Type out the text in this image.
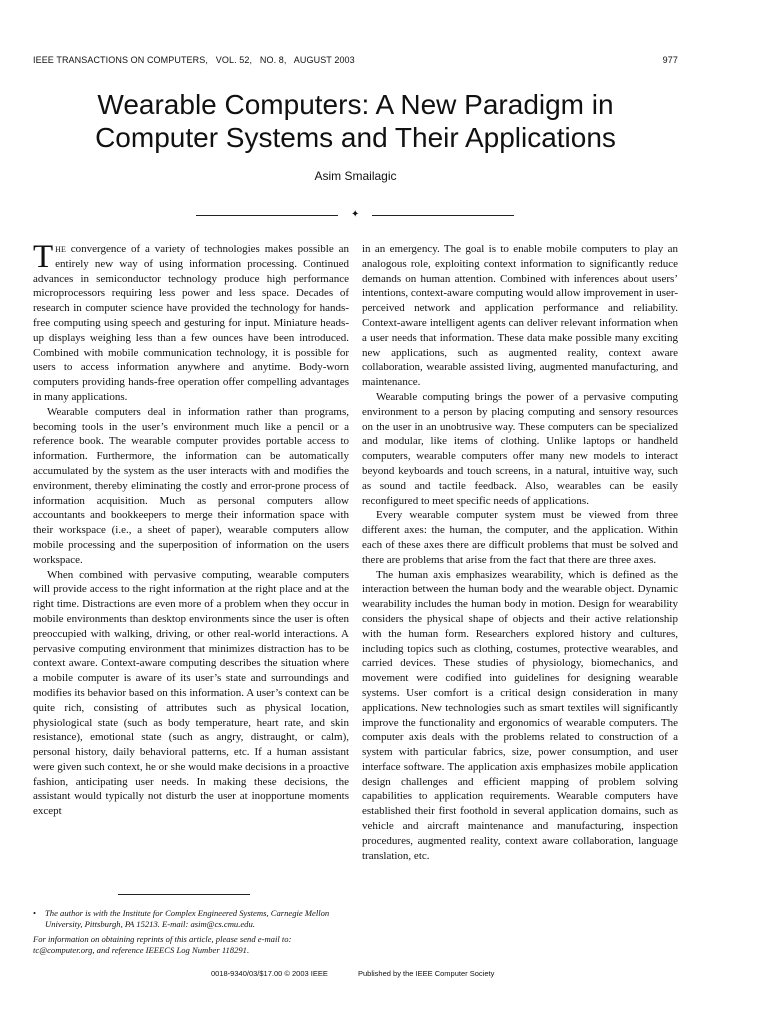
IEEE TRANSACTIONS ON COMPUTERS,   VOL. 52,   NO. 8,   AUGUST 2003	977
Wearable Computers: A New Paradigm in
Computer Systems and Their Applications
Asim Smailagic
✦

The convergence of a variety of technologies makes possible an entirely new way of using information processing. Continued advances in semiconductor technology produce high performance microprocessors requiring less power and less space. Decades of research in computer science have provided the technology for hands-free computing using speech and gesturing for input. Miniature heads-up displays weighing less than a few ounces have been introduced. Combined with mobile communication technology, it is possible for users to access information anywhere and anytime. Body-worn computers providing hands-free operation offer compelling advantages in many applications.

Wearable computers deal in information rather than programs, becoming tools in the user’s environment much like a pencil or a reference book. The wearable computer provides portable access to information. Furthermore, the information can be automatically accumulated by the system as the user interacts with and modifies the environment, thereby eliminating the costly and error-prone process of information acquisition. Much as personal computers allow accountants and bookkeepers to merge their information space with their workspace (i.e., a sheet of paper), wearable computers allow mobile processing and the superposition of information on the users workspace.

When combined with pervasive computing, wearable computers will provide access to the right information at the right place and at the right time. Distractions are even more of a problem when they occur in mobile environments than desktop environments since the user is often preoccupied with walking, driving, or other real-world interactions. A pervasive computing environment that minimizes distraction has to be context aware. Context-aware computing describes the situation where a mobile computer is aware of its user’s state and surroundings and modifies its behavior based on this information. A user’s context can be quite rich, consisting of attributes such as physical location, physiological state (such as body temperature, heart rate, and skin resistance), emotional state (such as angry, distraught, or calm), personal history, daily behavioral patterns, etc. If a human assistant were given such context, he or she would make decisions in a proactive fashion, anticipating user needs. In making these decisions, the assistant would typically not disturb the user at inopportune moments except

in an emergency. The goal is to enable mobile computers to play an analogous role, exploiting context information to significantly reduce demands on human attention. Combined with inferences about users’ intentions, context-aware computing would allow improvement in user-perceived network and application performance and reliability. Context-aware intelligent agents can deliver relevant information when a user needs that information. These data make possible many exciting new applications, such as augmented reality, context aware collaboration, wearable assisted living, augmented manufacturing, and maintenance.

Wearable computing brings the power of a pervasive computing environment to a person by placing computing and sensory resources on the user in an unobtrusive way. These computers can be specialized and modular, like items of clothing. Unlike laptops or handheld computers, wearable computers offer many new models to interact beyond keyboards and touch screens, in a natural, intuitive way, such as sound and tactile feedback. Also, wearables can be easily reconfigured to meet specific needs of applications.

Every wearable computer system must be viewed from three different axes: the human, the computer, and the application. Within each of these axes there are difficult problems that must be solved and there are problems that arise from the fact that there are three axes.

The human axis emphasizes wearability, which is defined as the interaction between the human body and the wearable object. Dynamic wearability includes the human body in motion. Design for wearability considers the physical shape of objects and their active relationship with the human form. Researchers explored history and cultures, including topics such as clothing, costumes, protective wearables, and carried devices. These studies of physiology, biomechanics, and movement were codified into guidelines for designing wearable systems. User comfort is a critical design consideration in many applications. New technologies such as smart textiles will significantly improve the functionality and ergonomics of wearable computers. The computer axis deals with the problems related to construction of a system with particular fabrics, size, power consumption, and user interface software. The application axis emphasizes mobile application design challenges and efficient mapping of problem solving capabilities to application requirements. Wearable computers have established their first foothold in several application domains, such as vehicle and aircraft maintenance and manufacturing, inspection procedures, augmented reality, context aware collaboration, language translation, etc.

• The author is with the Institute for Complex Engineered Systems, Carnegie Mellon University, Pittsburgh, PA 15213. E-mail: asim@cs.cmu.edu.
For information on obtaining reprints of this article, please send e-mail to: tc@computer.org, and reference IEEECS Log Number 118291.
0018-9340/03/$17.00 © 2003 IEEE	Published by the IEEE Computer Society
